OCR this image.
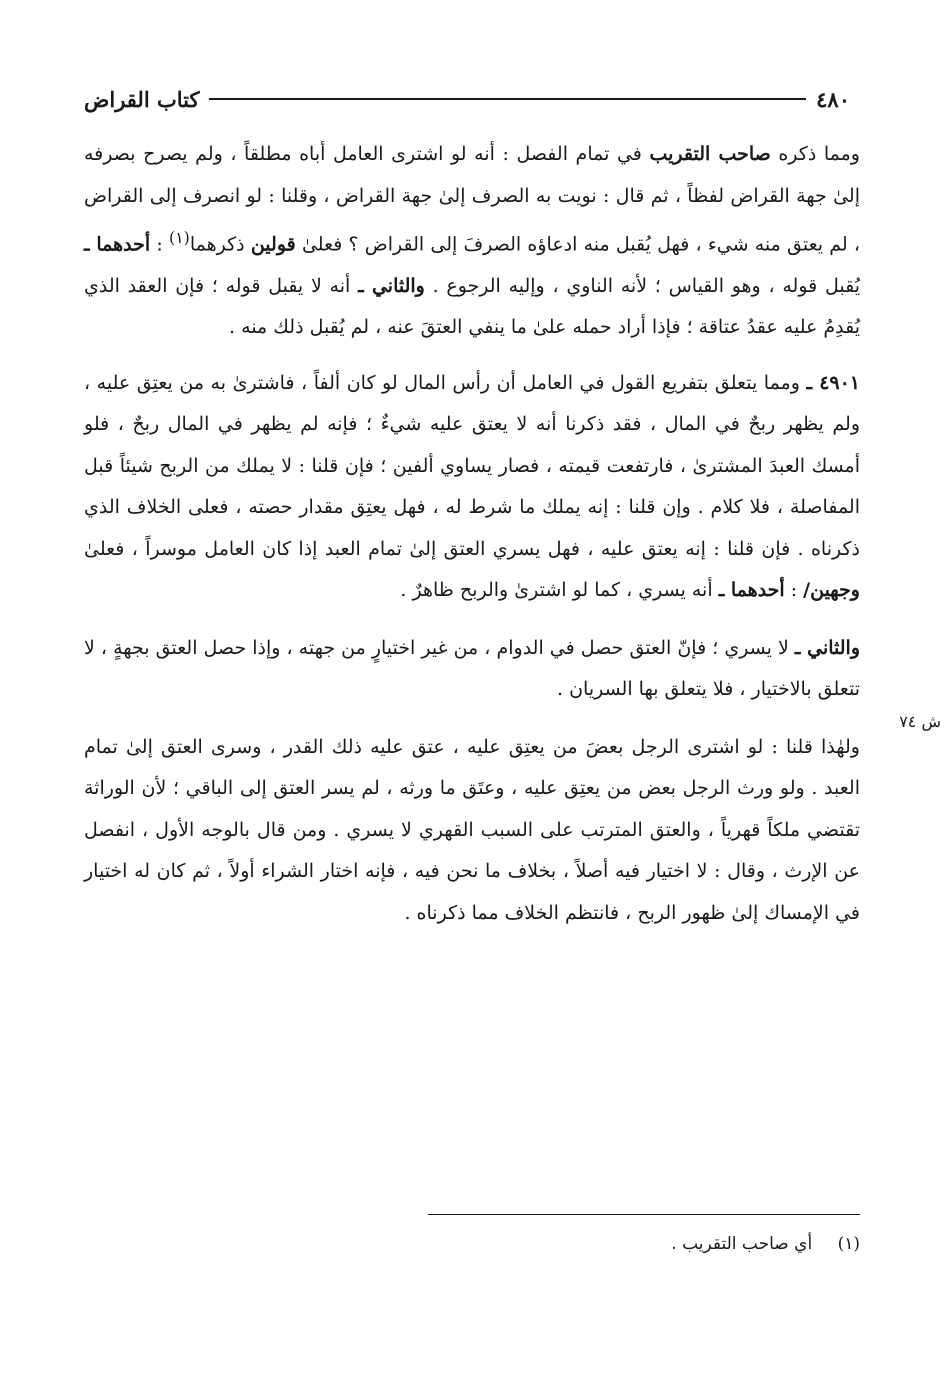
٤٨٠
كتاب القراض

ومما ذكره صاحب التقريب في تمام الفصل : أنه لو اشترى العامل أباه مطلقاً ، ولم يصرح بصرفه إلىٰ جهة القراض لفظاً ، ثم قال : نويت به الصرف إلىٰ جهة القراض ، وقلنا : لو انصرف إلى القراض ، لم يعتق منه شيء ، فهل يُقبل منه ادعاؤه الصرفَ إلى القراض ؟ فعلىٰ قولين ذكرهما$^{(١)}$ : أحدهما ـ يُقبل قوله ، وهو القياس ؛ لأنه الناوي ، وإليه الرجوع . والثاني ـ أنه لا يقبل قوله ؛ فإن العقد الذي يُقدِمُ عليه عقدُ عتاقة ؛ فإذا أراد حمله علىٰ ما ينفي العتقَ عنه ، لم يُقبل ذلك منه .

٤٩٠١ ـ ومما يتعلق بتفريع القول في العامل أن رأس المال لو كان ألفاً ، فاشترىٰ به من يعتِق عليه ، ولم يظهر ربحٌ في المال ، فقد ذكرنا أنه لا يعتق عليه شيءٌ ؛ فإنه لم يظهر في المال ربحٌ ، فلو أمسك العبدَ المشترىٰ ، فارتفعت قيمته ، فصار يساوي ألفين ؛ فإن قلنا : لا يملك من الربح شيئاً قبل المفاصلة ، فلا كلام . وإن قلنا : إنه يملك ما شرط له ، فهل يعتِق مقدار حصته ، فعلى الخلاف الذي ذكرناه . فإن قلنا : إنه يعتق عليه ، فهل يسري العتق إلىٰ تمام العبد إذا كان العامل موسراً ، فعلىٰ وجهين/ : أحدهما ـ أنه يسري ، كما لو اشترىٰ والربح ظاهرٌ .

والثاني ـ لا يسري ؛ فإنّ العتق حصل في الدوام ، من غير اختيارٍ من جهته ، وإذا حصل العتق بجهةٍ ، لا تتعلق بالاختيار ، فلا يتعلق بها السريان .

ولهٰذا قلنا : لو اشترى الرجل بعضَ من يعتِق عليه ، عتق عليه ذلك القدر ، وسرى العتق إلىٰ تمام العبد . ولو ورث الرجل بعض من يعتِق عليه ، وعتَق ما ورثه ، لم يسر العتق إلى الباقي ؛ لأن الوراثة تقتضي ملكاً قهرياً ، والعتق المترتب على السبب القهري لا يسري . ومن قال بالوجه الأول ، انفصل عن الإرث ، وقال : لا اختيار فيه أصلاً ، بخلاف ما نحن فيه ، فإنه اختار الشراء أولاً ، ثم كان له اختيار في الإمساك إلىٰ ظهور الربح ، فانتظم الخلاف مما ذكرناه .

ش ٧٤
(١) أي صاحب التقريب .
